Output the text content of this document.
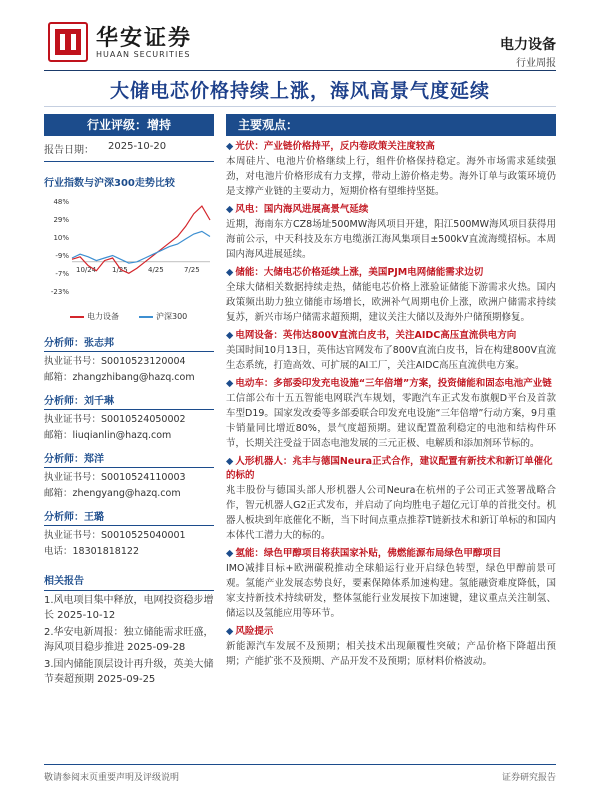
华安证券
HUAAN SECURITIES
电力设备
行业周报
大储电芯价格持续上涨，海风高景气度延续
行业评级：增持
报告日期： 2025-10-20
行业指数与沪深300走势比较
48%
29%
10%
-9%
-7%
-23%
10/24 1/25	4/25	7/25
电力设备	沪深300
分析师：张志邦
执业证书号：S0010523120004
邮箱：zhangzhibang@hazq.com
分析师：刘千琳
执业证书号：S0010524050002
邮箱：liuqianlin@hazq.com
分析师：郑洋
执业证书号：S0010524110003
邮箱：zhengyang@hazq.com
分析师：王璐
执业证书号：S0010525040001
电话：18301818122
相关报告
1.风电项目集中释放，电网投资稳步增长 2025-10-12
2.华安电新周报：独立储能需求旺盛，海风项目稳步推进 2025-09-28
3.国内储能顶层设计再升级，英美大储节奏超预期 2025-09-25
主要观点：
◆ 光伏：产业链价格持平，反内卷政策关注度较高
本周硅片、电池片价格继续上行，组件价格保持稳定。海外市场需求延续强劲，对电池片价格形成有力支撑，带动上游价格走势。海外订单与政策环境仍是支撑产业链的主要动力，短期价格有望维持坚挺。
◆ 风电：国内海风进展高景气延续
近期，海南东方CZ8场址500MW海风项目开建，阳江500MW海风项目获得用海前公示，中天科技及东方电缆浙江海风集项目±500kV直流海缆招标。本周国内海风进展延续。
◆ 储能：大储电芯价格延续上涨，美国PJM电网储能需求边切
全球大储相关数据持续走热，储能电芯价格上涨验证储能下游需求火热。国内政策频出助力独立储能市场增长，欧洲补气周期电价上涨，欧洲户储需求持续复苏，新兴市场户储需求超预期，建议关注大储以及海外户储预期修复。
◆ 电网设备：英伟达800V直流白皮书，关注AIDC高压直流供电方向
美国时间10月13日，英伟达官网发布了800V直流白皮书，旨在构建800V直流生态系统，打造高效、可扩展的AI工厂，关注AIDC高压直流供电方案。
◆ 电动车：多部委印发充电设施“三年倍增”方案，投资储能和固态电池产业链
工信部公布十五五智能电网联汽车规划，零跑汽车正式发布旗舰D平台及首款车型D19。国家发改委等多部委联合印发充电设施“三年倍增”行动方案，9月重卡销量同比增近80%，景气度超预期。建议配置盈利稳定的电池和结构件环节，长期关注受益于固态电池发展的三元正极、电解质和添加剂环节标的。
◆ 人形机器人：兆丰与德国Neura正式合作，建议配置有新技术和新订单催化的标的
兆丰股份与德国头部人形机器人公司Neura在杭州的子公司正式签署战略合作，智元机器人G2正式发布，并启动了向均胜电子超亿元订单的首批交付。机器人板块到年底催化不断，当下时间点重点推荐T链新技术和新订单标的和国内本体代工潜力大的标的。
◆ 氢能：绿色甲醇项目将获国家补贴，佛燃能源布局绿色甲醇项目
IMO减排目标+欧洲碳税推动全球船运行业开启绿色转型，绿色甲醇前景可观。氢能产业发展态势良好，要素保障体系加速构建。氢能融资难度降低，国家支持新技术持续研发，整体氢能行业发展按下加速键，建议重点关注制氢、储运以及氢能应用等环节。
◆ 风险提示
新能源汽车发展不及预期；相关技术出现颠覆性突破；产品价格下降超出预期；产能扩张不及预期、产品开发不及预期；原材料价格波动。
敬请参阅末页重要声明及评级说明	证券研究报告
